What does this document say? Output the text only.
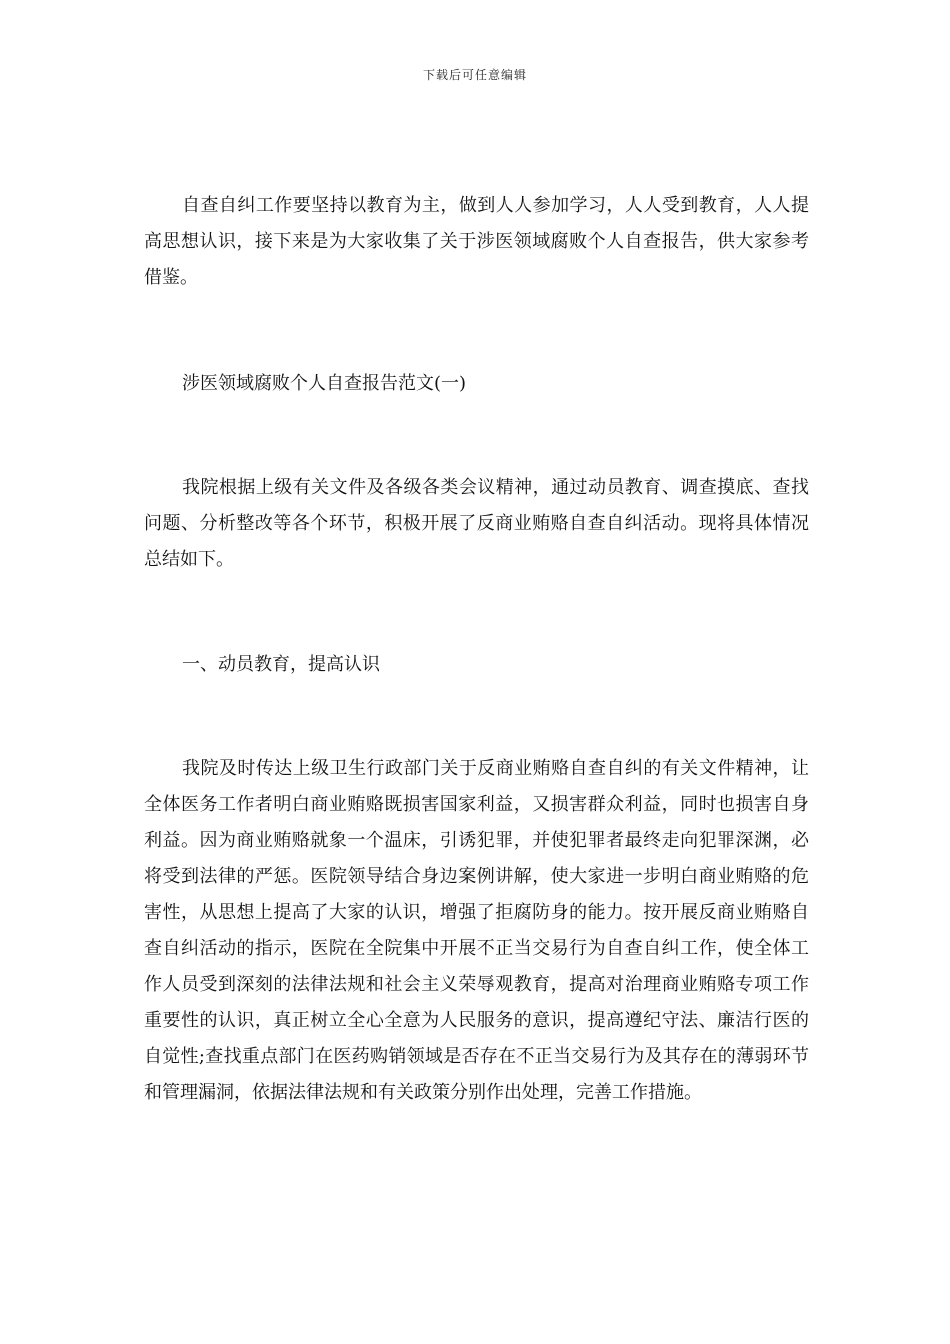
下载后可任意编辑

自查自纠工作要坚持以教育为主，做到人人参加学习，人人受到教育，人人提高思想认识，接下来是为大家收集了关于涉医领域腐败个人自查报告，供大家参考借鉴。

涉医领域腐败个人自查报告范文(一)

我院根据上级有关文件及各级各类会议精神，通过动员教育、调查摸底、查找问题、分析整改等各个环节，积极开展了反商业贿赂自查自纠活动。现将具体情况总结如下。

一、动员教育，提高认识

我院及时传达上级卫生行政部门关于反商业贿赂自查自纠的有关文件精神，让全体医务工作者明白商业贿赂既损害国家利益，又损害群众利益，同时也损害自身利益。因为商业贿赂就象一个温床，引诱犯罪，并使犯罪者最终走向犯罪深渊，必将受到法律的严惩。医院领导结合身边案例讲解，使大家进一步明白商业贿赂的危害性，从思想上提高了大家的认识，增强了拒腐防身的能力。按开展反商业贿赂自查自纠活动的指示，医院在全院集中开展不正当交易行为自查自纠工作，使全体工作人员受到深刻的法律法规和社会主义荣辱观教育，提高对治理商业贿赂专项工作重要性的认识，真正树立全心全意为人民服务的意识，提高遵纪守法、廉洁行医的自觉性;查找重点部门在医药购销领域是否存在不正当交易行为及其存在的薄弱环节和管理漏洞，依据法律法规和有关政策分别作出处理，完善工作措施。
